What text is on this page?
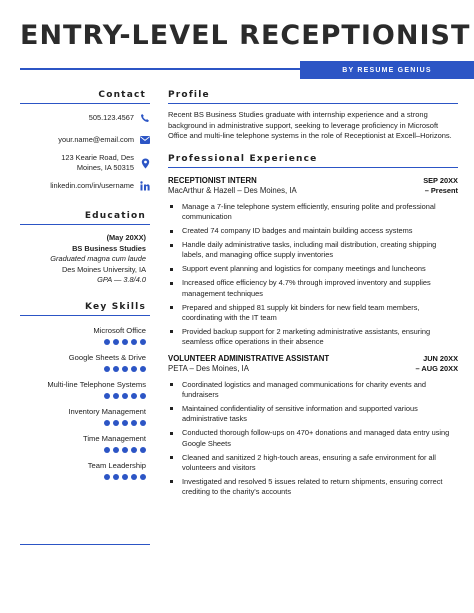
ENTRY-LEVEL RECEPTIONIST
BY RESUME GENIUS
Contact
505.123.4567
your.name@email.com
123 Kearie Road, Des
Moines, IA 50315
linkedin.com/in/username
Education
(May 20XX)
BS Business Studies
Graduated magna cum laude
Des Moines University, IA
GPA — 3.8/4.0
Key Skills
Microsoft Office
Google Sheets & Drive
Multi-line Telephone Systems
Inventory Management
Time Management
Team Leadership
Profile

Recent BS Business Studies graduate with internship experience and a strong background in administrative support, seeking to leverage proficiency in Microsoft Office and multi-line telephone systems in the role of Receptionist at Excell–Horizons.

Professional Experience
RECEPTIONIST INTERN
MacArthur & Hazell – Des Moines, IA
SEP 20XX
– Present
Manage a 7-line telephone system efficiently, ensuring polite and professional communication
Created 74 company ID badges and maintain building access systems
Handle daily administrative tasks, including mail distribution, creating shipping labels, and managing office supply inventories
Support event planning and logistics for company meetings and luncheons
Increased office efficiency by 4.7% through improved inventory and supplies management techniques
Prepared and shipped 81 supply kit binders for new field team members, coordinating with the IT team
Provided backup support for 2 marketing administrative assistants, ensuring seamless office operations in their absence
VOLUNTEER ADMINISTRATIVE ASSISTANT
PETA – Des Moines, IA
JUN 20XX
– AUG 20XX
Coordinated logistics and managed communications for charity events and fundraisers
Maintained confidentiality of sensitive information and supported various administrative tasks
Conducted thorough follow-ups on 470+ donations and managed data entry using Google Sheets
Cleaned and sanitized 2 high-touch areas, ensuring a safe environment for all volunteers and visitors
Investigated and resolved 5 issues related to return shipments, ensuring correct crediting to the charity's accounts
